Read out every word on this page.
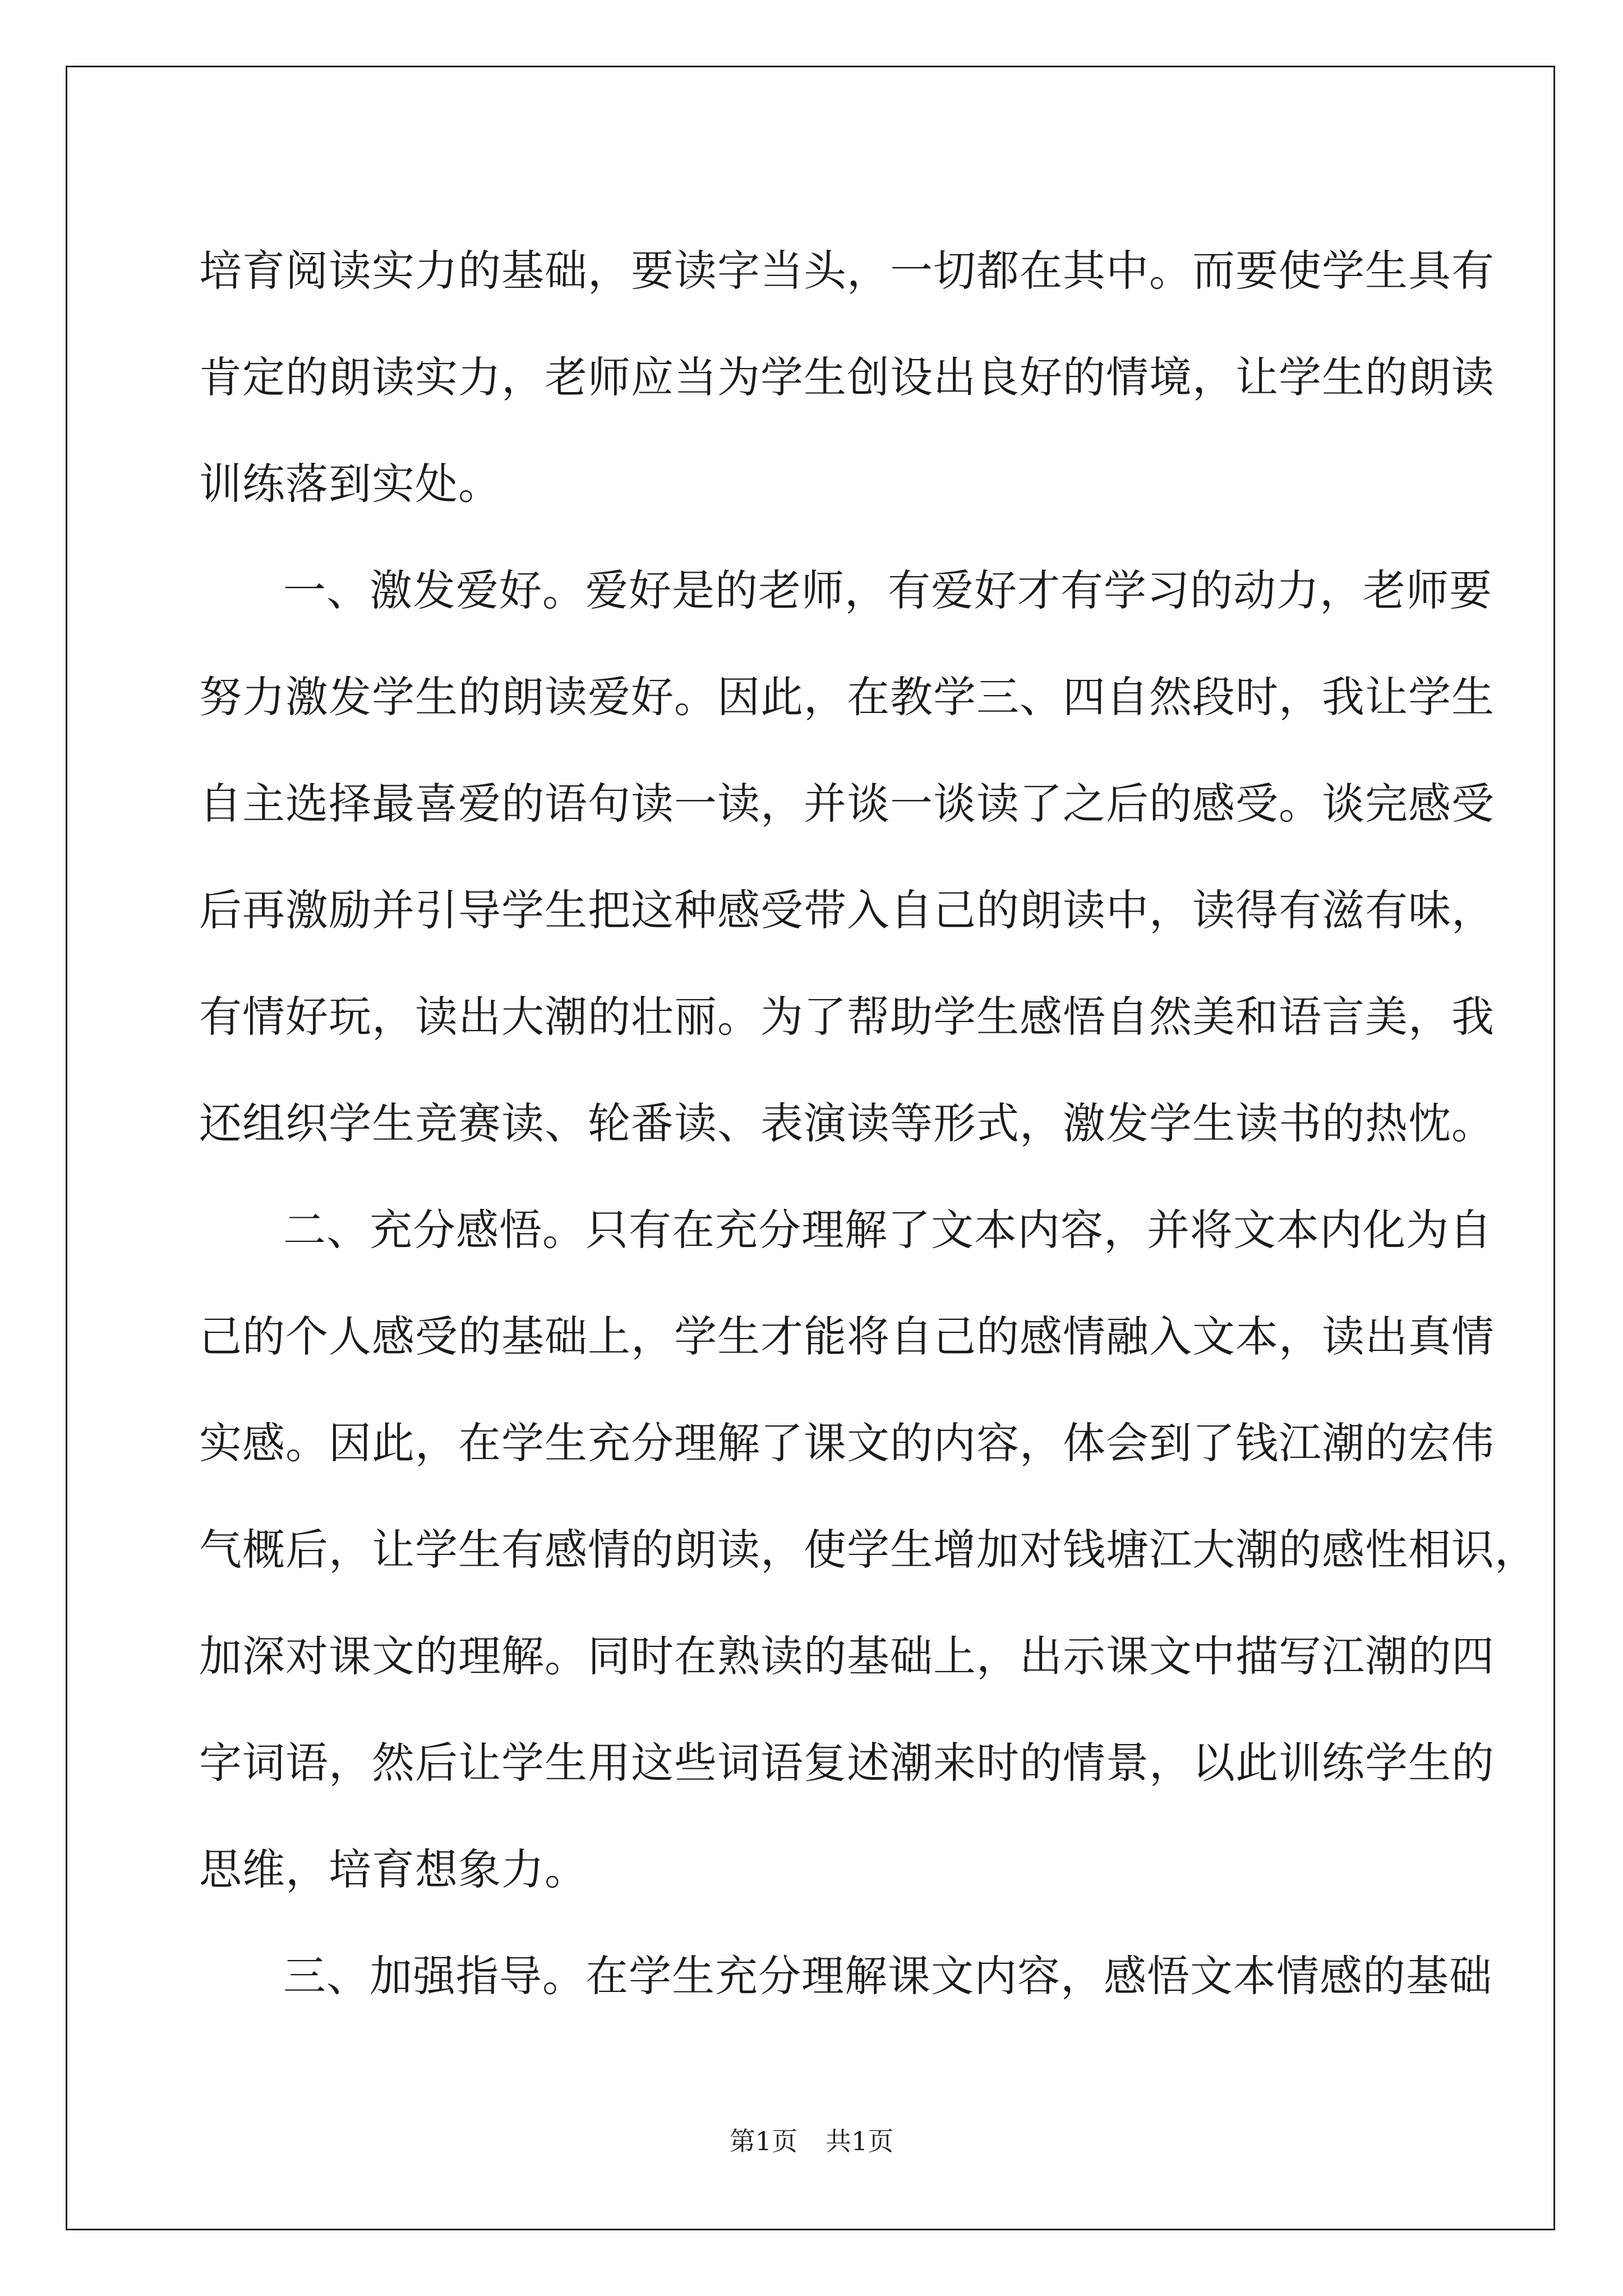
培育阅读实力的基础，要读字当头，一切都在其中。而要使学生具有
肯定的朗读实力，老师应当为学生创设出良好的情境，让学生的朗读
训练落到实处。
一、激发爱好。爱好是的老师，有爱好才有学习的动力，老师要
努力激发学生的朗读爱好。因此，在教学三、四自然段时，我让学生
自主选择最喜爱的语句读一读，并谈一谈读了之后的感受。谈完感受
后再激励并引导学生把这种感受带入自己的朗读中，读得有滋有味，
有情好玩，读出大潮的壮丽。为了帮助学生感悟自然美和语言美，我
还组织学生竞赛读、轮番读、表演读等形式，激发学生读书的热忱。
二、充分感悟。只有在充分理解了文本内容，并将文本内化为自
己的个人感受的基础上，学生才能将自己的感情融入文本，读出真情
实感。因此，在学生充分理解了课文的内容，体会到了钱江潮的宏伟
气概后，让学生有感情的朗读，使学生增加对钱塘江大潮的感性相识，
加深对课文的理解。同时在熟读的基础上，出示课文中描写江潮的四
字词语，然后让学生用这些词语复述潮来时的情景，以此训练学生的
思维，培育想象力。
三、加强指导。在学生充分理解课文内容，感悟文本情感的基础
第1页 共1页
